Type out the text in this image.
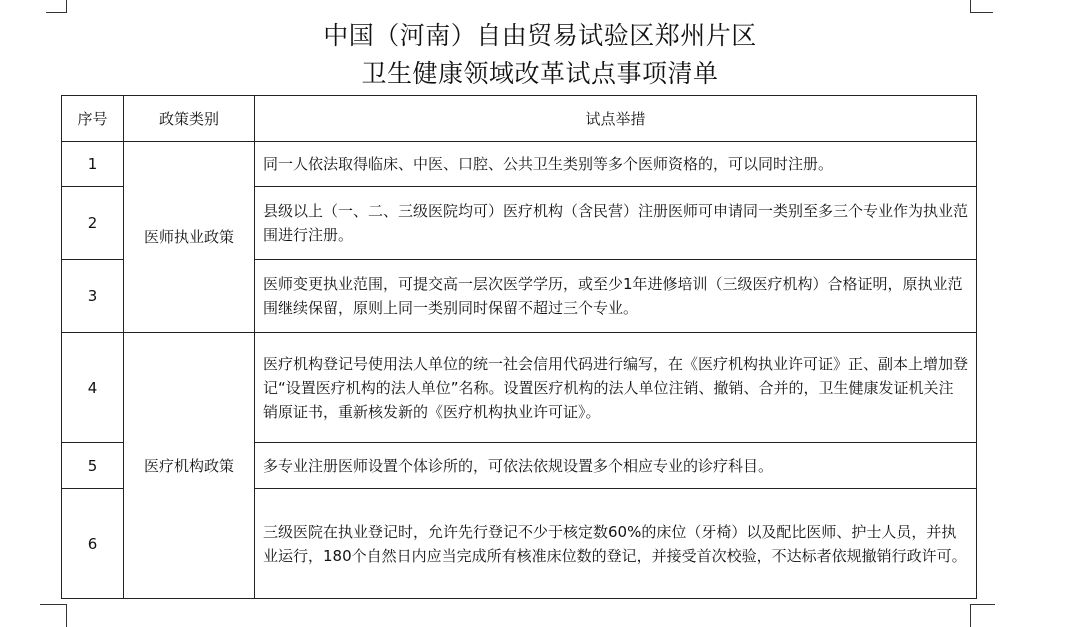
中国（河南）自由贸易试验区郑州片区
卫生健康领域改革试点事项清单
序号	政策类别	试点举措
1	医师执业政策	同一人依法取得临床、中医、口腔、公共卫生类别等多个医师资格的，可以同时注册。
2		县级以上（一、二、三级医院均可）医疗机构（含民营）注册医师可申请同一类别至多三个专业作为执业范围进行注册。
3		医师变更执业范围，可提交高一层次医学学历，或至少1年进修培训（三级医疗机构）合格证明，原执业范围继续保留，原则上同一类别同时保留不超过三个专业。
4	医疗机构政策	医疗机构登记号使用法人单位的统一社会信用代码进行编写，在《医疗机构执业许可证》正、副本上增加登记“设置医疗机构的法人单位”名称。设置医疗机构的法人单位注销、撤销、合并的，卫生健康发证机关注销原证书，重新核发新的《医疗机构执业许可证》。
5		多专业注册医师设置个体诊所的，可依法依规设置多个相应专业的诊疗科目。
6		三级医院在执业登记时，允许先行登记不少于核定数60%的床位（牙椅）以及配比医师、护士人员，并执业运行，180个自然日内应当完成所有核准床位数的登记，并接受首次校验，不达标者依规撤销行政许可。
